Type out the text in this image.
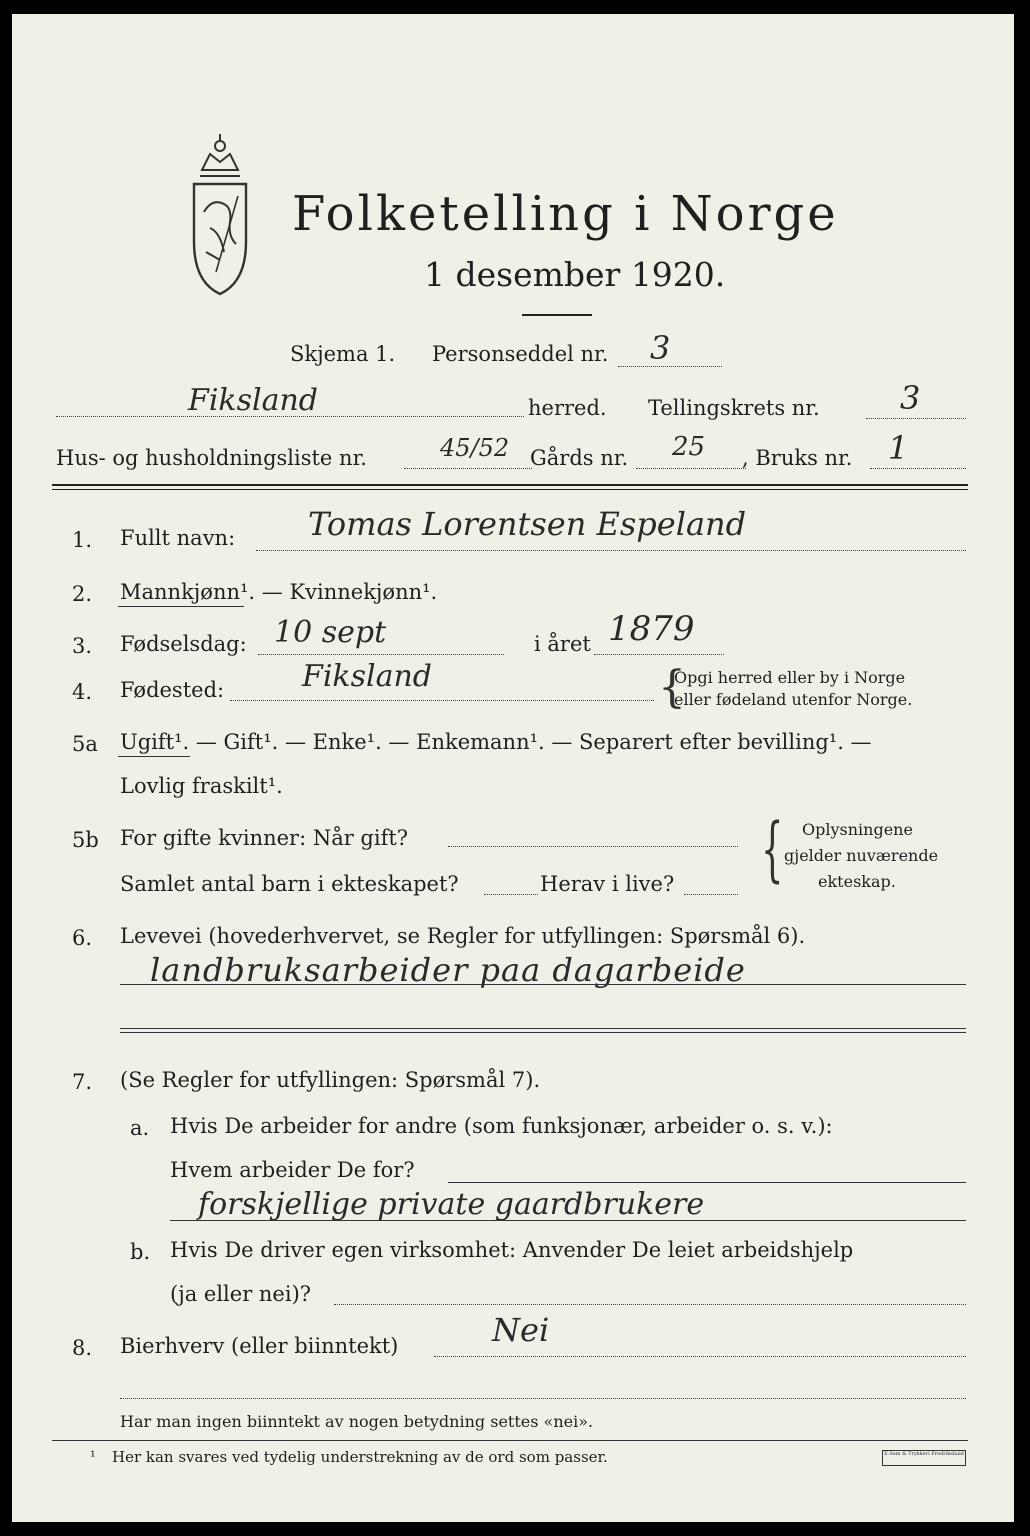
Folketelling i Norge
1 desember 1920.
Skjema 1. Personseddel nr. 3
Fiksland	herred. Tellingskrets nr.	3
Hus- og husholdningsliste nr.	45/52 Gårds nr. 25 , Bruks nr. 1
1. Fullt navn: Tomas Lorentsen Espeland
2. Mannkjønn¹. — Kvinnekjønn¹.
3. Fødselsdag: 10 sept	i året 1879
4. Fødested:	Fiksland	{
Opgi herred eller by i Norge
eller fødeland utenfor Norge.
5a Ugift¹. — Gift¹. — Enke¹. — Enkemann¹. — Separert efter bevilling¹. —
Lovlig fraskilt¹.
5b For gifte kvinner: Når gift?
Samlet antal barn i ekteskapet?	Herav i live? { Oplysningene
gjelder nuværende
ekteskap.
6. Levevei (hovederhvervet, se Regler for utfyllingen: Spørsmål 6).
landbruksarbeider paa dagarbeide
7. (Se Regler for utfyllingen: Spørsmål 7).
a. Hvis De arbeider for andre (som funksjonær, arbeider o. s. v.):
Hvem arbeider De for?
forskjellige private gaardbrukere
b. Hvis De driver egen virksomhet: Anvender De leiet arbeidshjelp
(ja eller nei)?
8. Bierhverv (eller biinntekt)	Nei
Har man ingen biinntekt av nogen betydning settes «nei».
¹ Her kan svares ved tydelig understrekning av de ord som passer.	E.Sem & Trykkeri Fredrikshald
